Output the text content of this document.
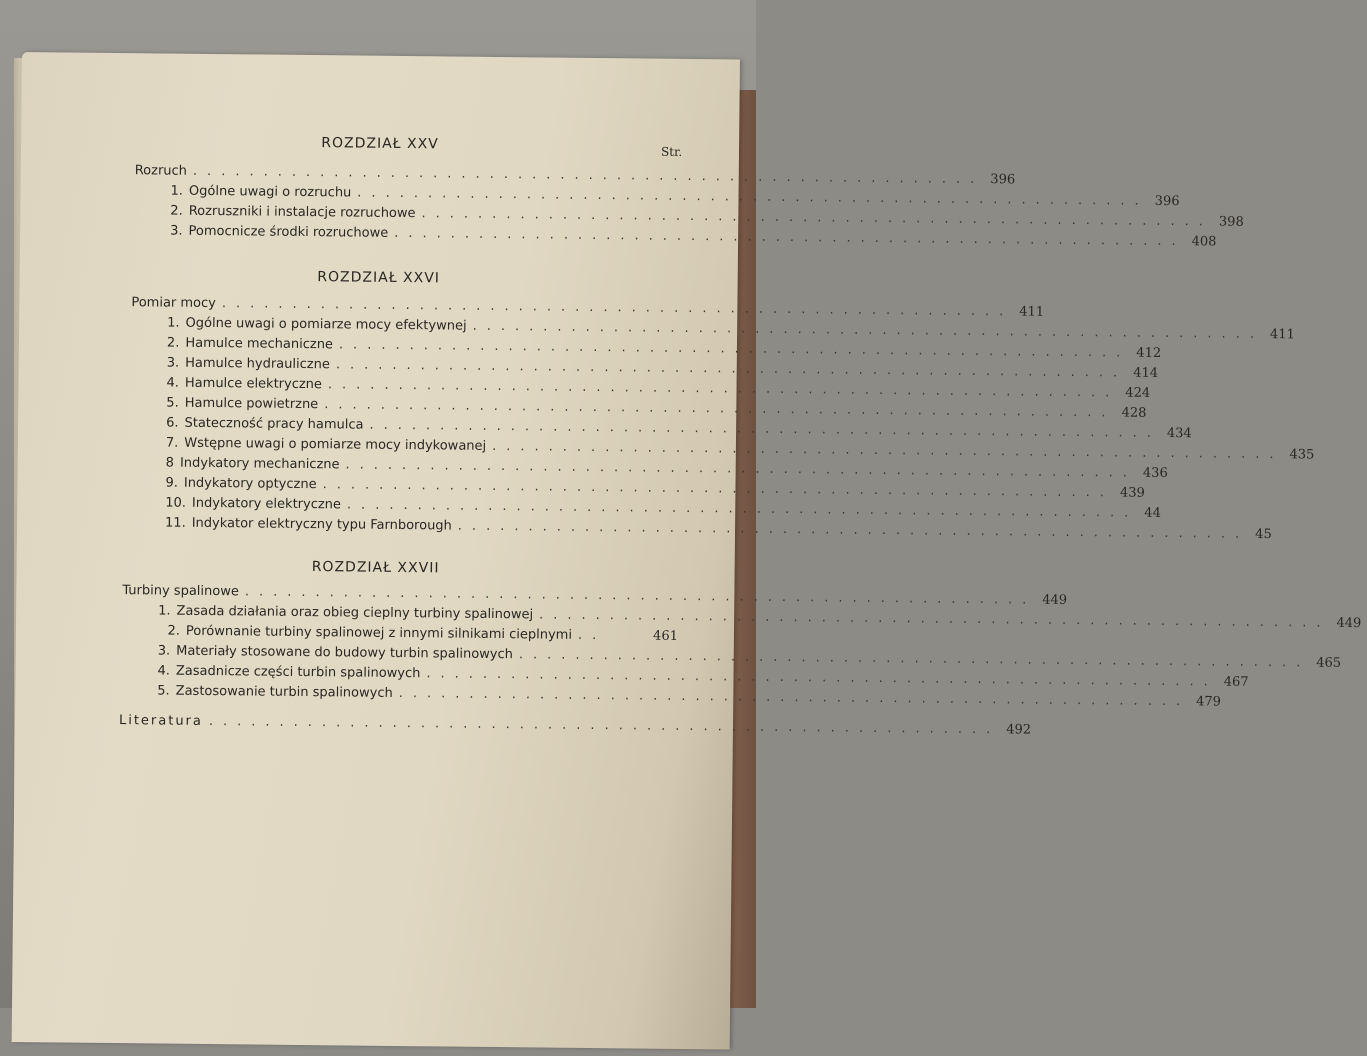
ROZDZIAŁ XXV	Str.
Rozruch ........................................................ 396
1. Ogólne uwagi o rozruchu ........................................................ 396
2. Rozruszniki i instalacje rozruchowe ........................................................ 398
3. Pomocnicze środki rozruchowe ........................................................ 408
ROZDZIAŁ XXVI
Pomiar mocy ........................................................ 411
1. Ogólne uwagi o pomiarze mocy efektywnej ........................................................ 411
2. Hamulce mechaniczne ........................................................ 412
3. Hamulce hydrauliczne ........................................................ 414
4. Hamulce elektryczne ........................................................ 424
5. Hamulce powietrzne ........................................................ 428
6. Stateczność pracy hamulca ........................................................ 434
7. Wstępne uwagi o pomiarze mocy indykowanej ........................................................ 435
8 Indykatory mechaniczne ........................................................ 436
9. Indykatory optyczne ........................................................ 439
10. Indykatory elektryczne ........................................................ 44
11. Indykator elektryczny typu Farnborough ........................................................ 45
ROZDZIAŁ XXVII
Turbiny spalinowe ........................................................ 449
1. Zasada działania oraz obieg cieplny turbiny spalinowej ........................................................ 449
2. Porównanie turbiny spalinowej z innymi silnikami cieplnymi ..	461
3. Materiały stosowane do budowy turbin spalinowych ........................................................ 465
4. Zasadnicze części turbin spalinowych ........................................................ 467
5. Zastosowanie turbin spalinowych ........................................................ 479
Literatura ........................................................ 492
